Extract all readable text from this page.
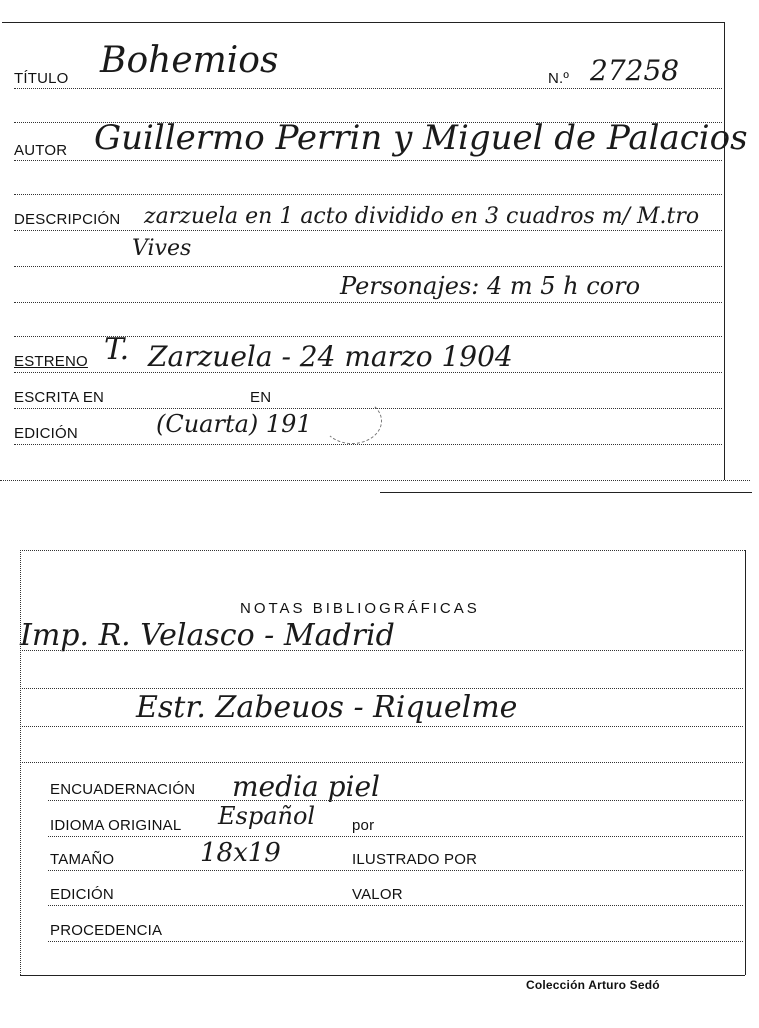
TÍTULO Bohemios	N.º 27258
AUTOR Guillermo Perrin y Miguel de Palacios
DESCRIPCIÓN zarzuela en 1 acto dividido en 3 cuadros m/ M.tro
Vives
Personajes: 4 m 5 h coro
ESTRENO T. Zarzuela - 24 marzo 1904
ESCRITA EN	EN
EDICIÓN	(Cuarta) 191
NOTAS BIBLIOGRÁFICAS
Imp. R. Velasco - Madrid
Estr. Zabeuos - Riquelme
ENCUADERNACIÓN media piel
IDIOMA ORIGINAL Español por
TAMAÑO	18x19	ILUSTRADO POR
EDICIÓN	VALOR
PROCEDENCIA
Colección Arturo Sedó
